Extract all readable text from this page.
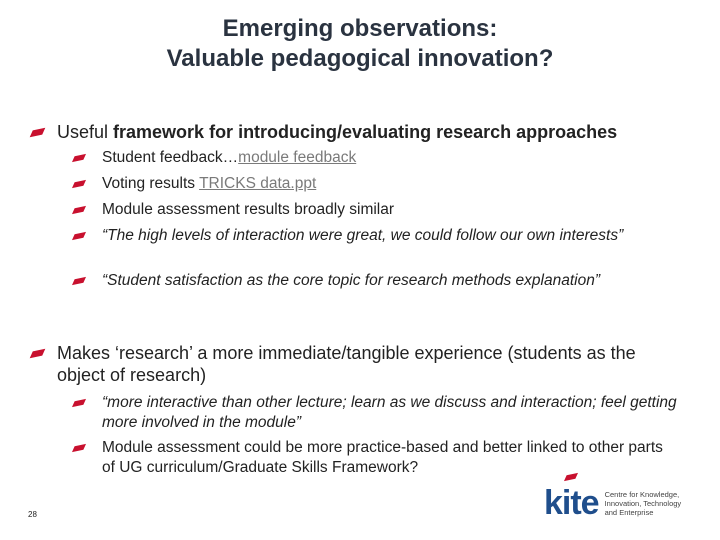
Emerging observations:
Valuable pedagogical innovation?
Useful framework for introducing/evaluating research approaches
Student feedback…module feedback
Voting results TRICKS data.ppt
Module assessment results broadly similar
“The high levels of interaction were great, we could follow our own interests”
“Student satisfaction as the core topic for research methods explanation”
Makes ‘research’ a more immediate/tangible experience (students as the object of research)
“more interactive than other lecture; learn as we discuss and interaction; feel getting more involved in the module”
Module assessment could be more practice-based and better linked to other parts of UG curriculum/Graduate Skills Framework?
28	kite Centre for Knowledge,
Innovation, Technology
and Enterprise
